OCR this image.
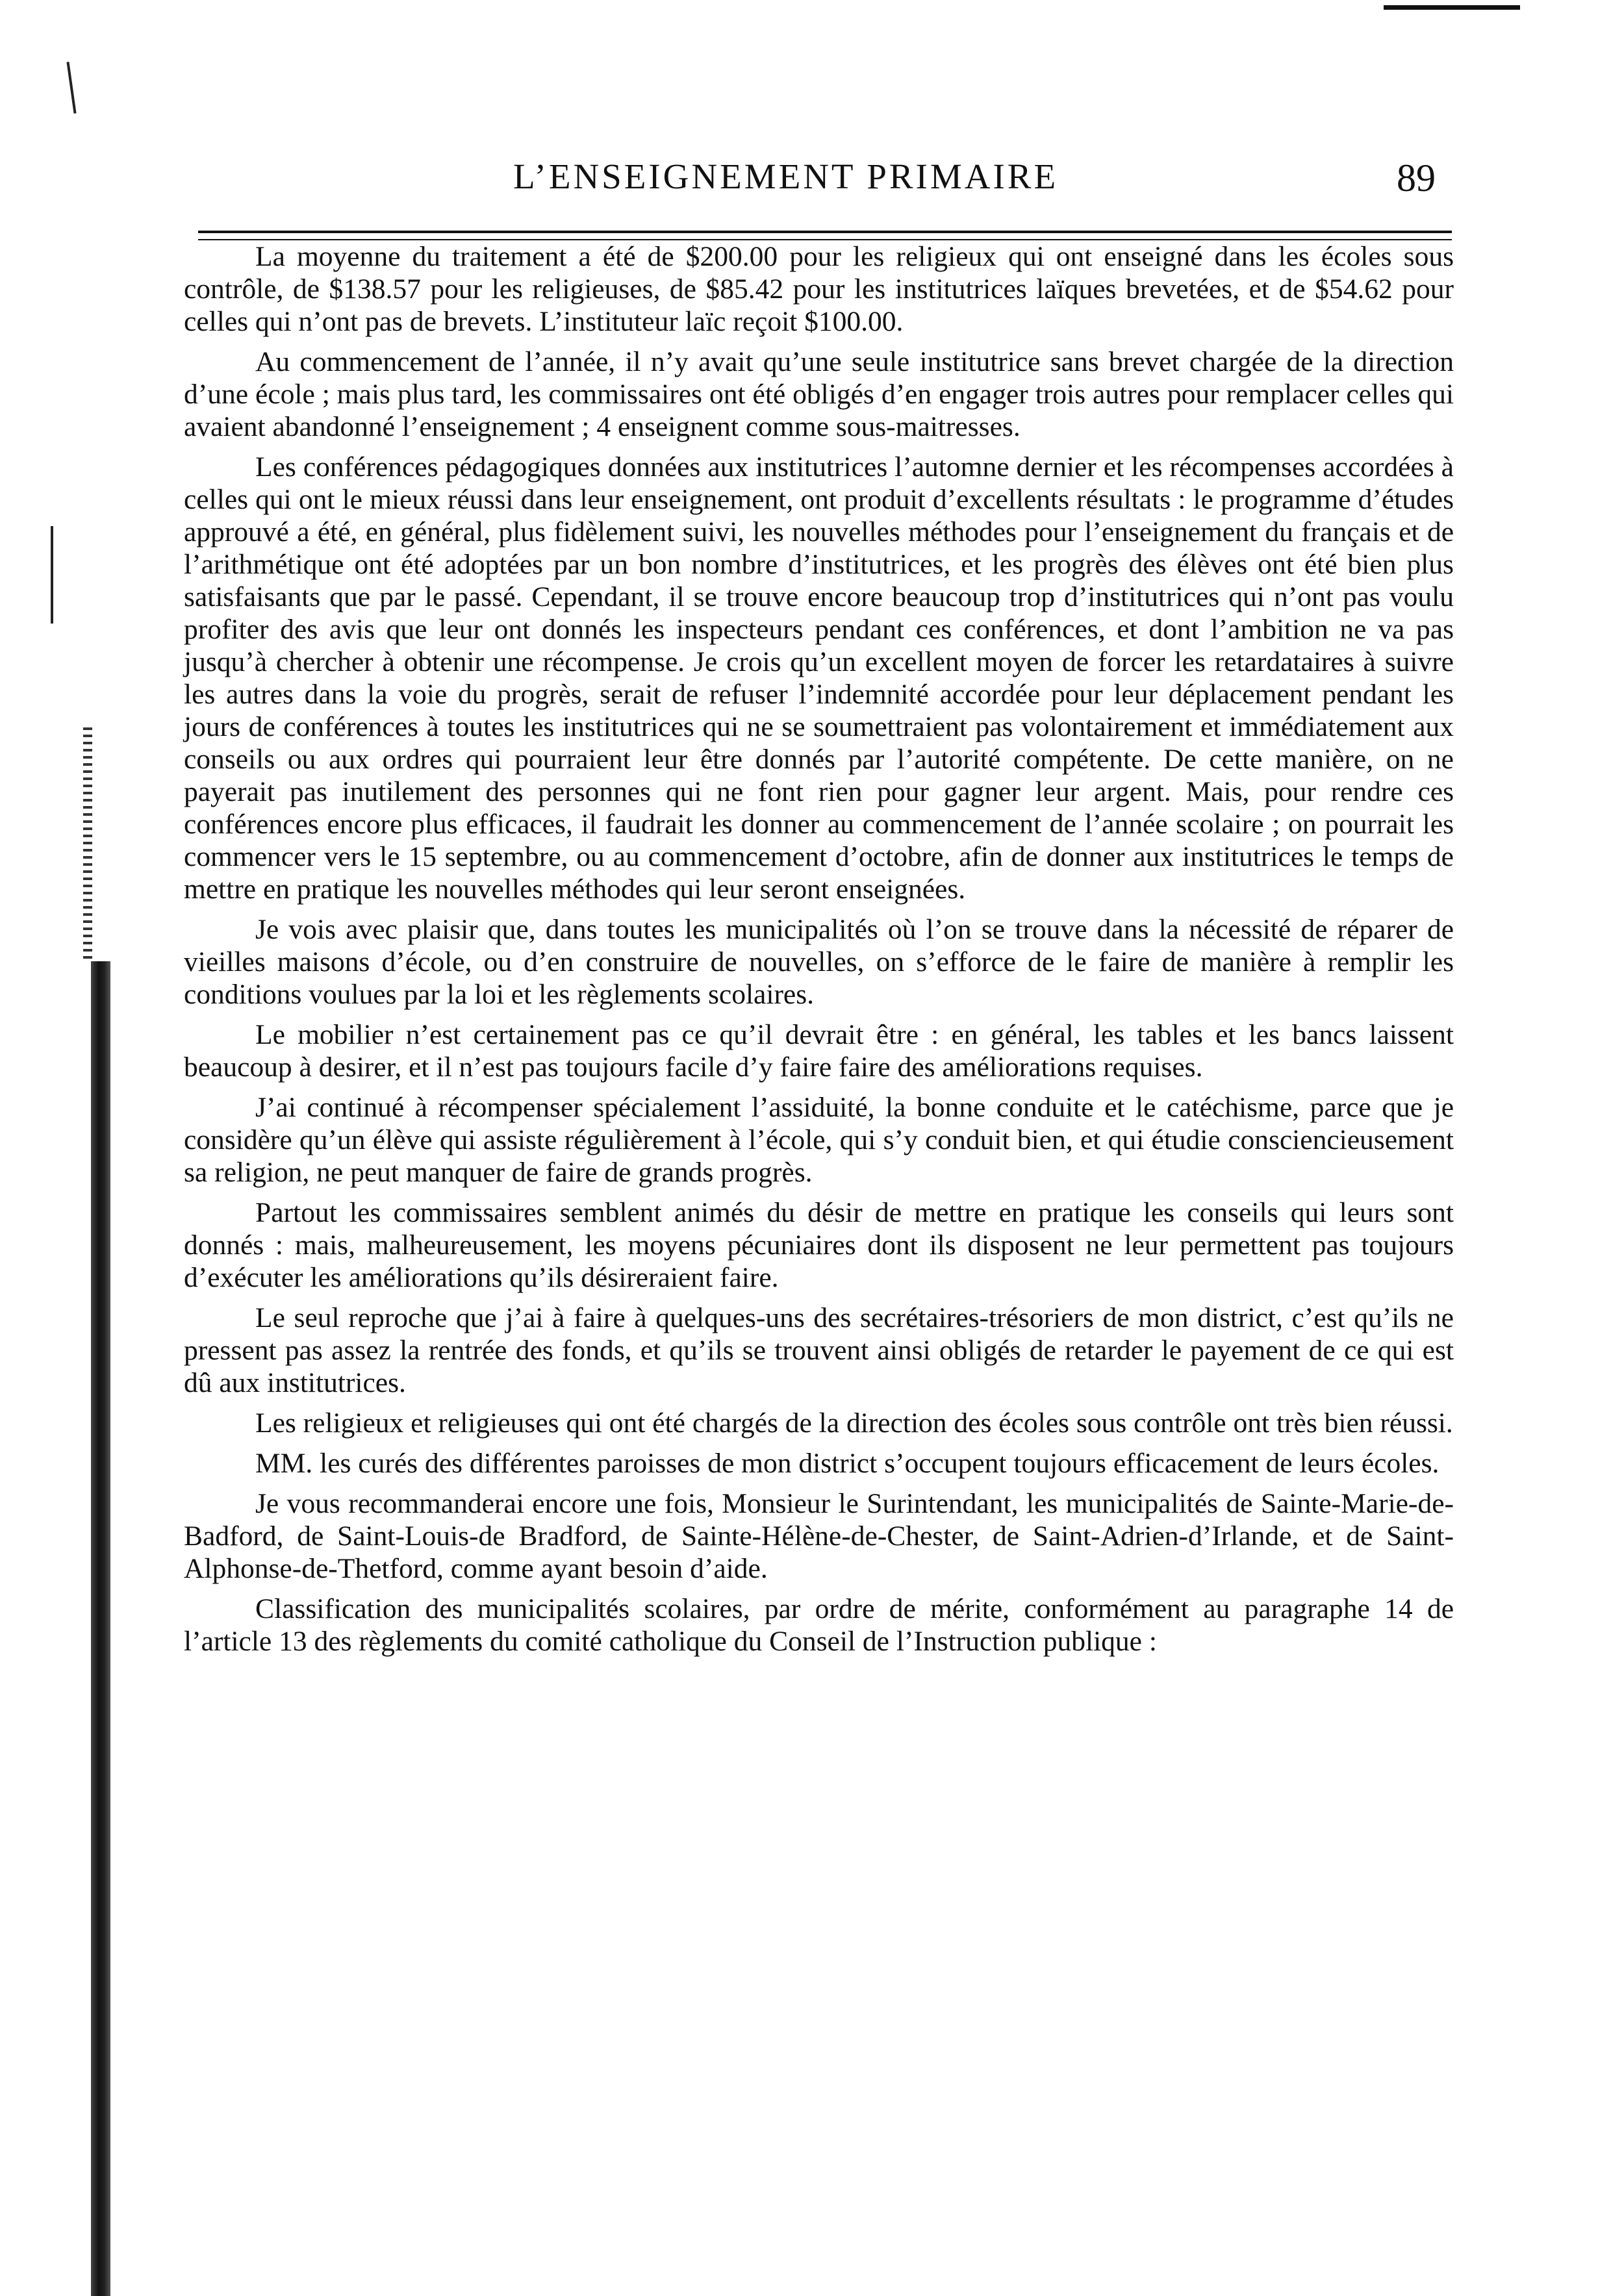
L’ENSEIGNEMENT PRIMAIRE	89

La moyenne du traitement a été de $200.00 pour les religieux qui ont enseigné dans les écoles sous contrôle, de $138.57 pour les religieuses, de $85.42 pour les institutrices laïques brevetées, et de $54.62 pour celles qui n’ont pas de brevets. L’instituteur laïc reçoit $100.00.

Au commencement de l’année, il n’y avait qu’une seule institutrice sans brevet chargée de la direction d’une école ; mais plus tard, les commissaires ont été obligés d’en engager trois autres pour remplacer celles qui avaient abandonné l’enseignement ; 4 enseignent comme sous-maitresses.

Les conférences pédagogiques données aux institutrices l’automne dernier et les récompenses accordées à celles qui ont le mieux réussi dans leur enseignement, ont produit d’excellents résultats : le programme d’études approuvé a été, en général, plus fidèlement suivi, les nouvelles méthodes pour l’enseignement du français et de l’arithmétique ont été adoptées par un bon nombre d’institutrices, et les progrès des élèves ont été bien plus satisfaisants que par le passé. Cependant, il se trouve encore beaucoup trop d’institutrices qui n’ont pas voulu profiter des avis que leur ont donnés les inspecteurs pendant ces conférences, et dont l’ambition ne va pas jusqu’à chercher à obtenir une récompense. Je crois qu’un excellent moyen de forcer les retardataires à suivre les autres dans la voie du progrès, serait de refuser l’indemnité accordée pour leur déplacement pendant les jours de conférences à toutes les institutrices qui ne se soumettraient pas volontairement et immédiatement aux conseils ou aux ordres qui pourraient leur être donnés par l’autorité compétente. De cette manière, on ne payerait pas inutilement des personnes qui ne font rien pour gagner leur argent. Mais, pour rendre ces conférences encore plus efficaces, il faudrait les donner au commencement de l’année scolaire ; on pourrait les commencer vers le 15 septembre, ou au commencement d’octobre, afin de donner aux institutrices le temps de mettre en pratique les nouvelles méthodes qui leur seront enseignées.

Je vois avec plaisir que, dans toutes les municipalités où l’on se trouve dans la nécessité de réparer de vieilles maisons d’école, ou d’en construire de nouvelles, on s’efforce de le faire de manière à remplir les conditions voulues par la loi et les règlements scolaires.

Le mobilier n’est certainement pas ce qu’il devrait être : en général, les tables et les bancs laissent beaucoup à desirer, et il n’est pas toujours facile d’y faire faire des améliorations requises.

J’ai continué à récompenser spécialement l’assiduité, la bonne conduite et le catéchisme, parce que je considère qu’un élève qui assiste régulièrement à l’école, qui s’y conduit bien, et qui étudie consciencieusement sa religion, ne peut manquer de faire de grands progrès.

Partout les commissaires semblent animés du désir de mettre en pratique les conseils qui leurs sont donnés : mais, malheureusement, les moyens pécuniaires dont ils disposent ne leur permettent pas toujours d’exécuter les améliorations qu’ils désireraient faire.

Le seul reproche que j’ai à faire à quelques-uns des secrétaires-trésoriers de mon district, c’est qu’ils ne pressent pas assez la rentrée des fonds, et qu’ils se trouvent ainsi obligés de retarder le payement de ce qui est dû aux institutrices.

Les religieux et religieuses qui ont été chargés de la direction des écoles sous contrôle ont très bien réussi.

MM. les curés des différentes paroisses de mon district s’occupent toujours efficacement de leurs écoles.

Je vous recommanderai encore une fois, Monsieur le Surintendant, les municipalités de Sainte-Marie-de-Badford, de Saint-Louis-de Bradford, de Sainte-Hélène-de-Chester, de Saint-Adrien-d’Irlande, et de Saint-Alphonse-de-Thetford, comme ayant besoin d’aide.

Classification des municipalités scolaires, par ordre de mérite, conformément au paragraphe 14 de l’article 13 des règlements du comité catholique du Conseil de l’Instruction publique :
